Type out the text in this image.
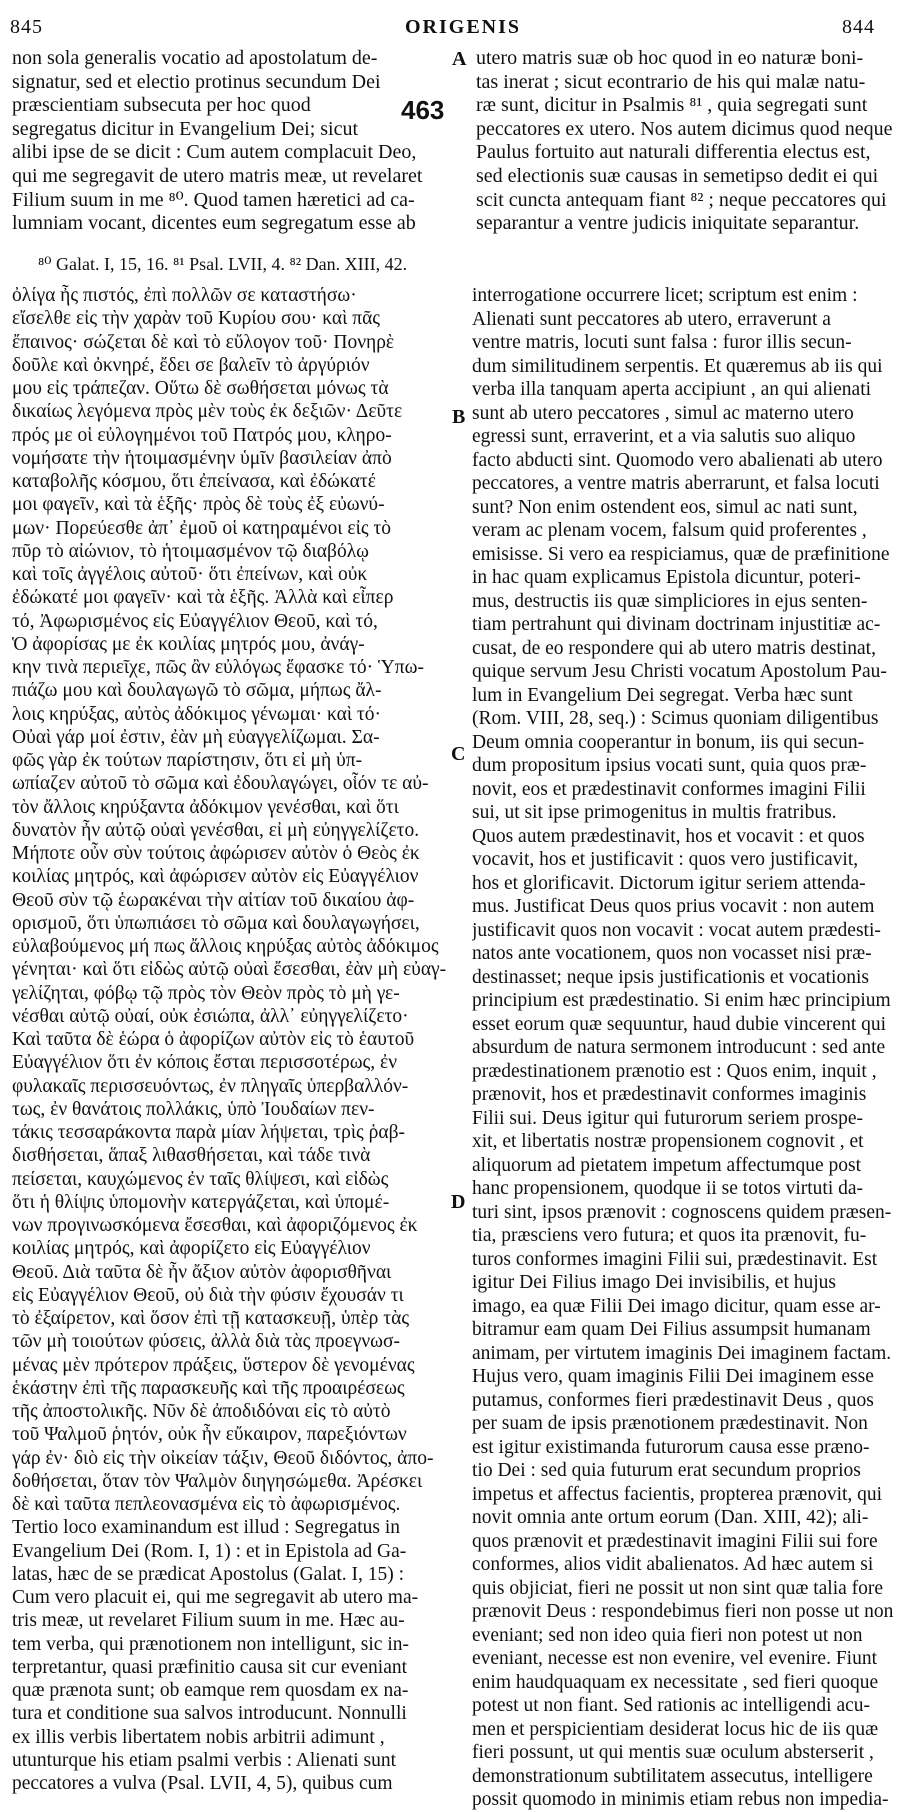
845	ORIGENIS	844
A
B
C
D
463
non sola generalis vocatio ad apostolatum de-
signatur, sed et electio protinus secundum Dei
præscientiam subsecuta per hoc quod
segregatus dicitur in Evangelium Dei; sicut
alibi ipse de se dicit : Cum autem complacuit Deo,
qui me segregavit de utero matris meæ, ut revelaret
Filium suum in me ⁸⁰. Quod tamen hæretici ad ca-
lumniam vocant, dicentes eum segregatum esse ab
utero matris suæ ob hoc quod in eo naturæ boni-
tas inerat ; sicut econtrario de his qui malæ natu-
ræ sunt, dicitur in Psalmis ⁸¹ , quia segregati sunt
peccatores ex utero. Nos autem dicimus quod neque
Paulus fortuito aut naturali differentia electus est,
sed electionis suæ causas in semetipso dedit ei qui
scit cuncta antequam fiant ⁸² ; neque peccatores qui
separantur a ventre judicis iniquitate separantur.
⁸⁰ Galat. I, 15, 16. ⁸¹ Psal. LVII, 4. ⁸² Dan. XIII, 42.
ὀλίγα ἦς πιστός, ἐπὶ πολλῶν σε καταστήσω·
εἴσελθε εἰς τὴν χαρὰν τοῦ Κυρίου σου· καὶ πᾶς
ἔπαινος· σώζεται δὲ καὶ τὸ εὔλογον τοῦ· Πονηρὲ
δοῦλε καὶ ὀκνηρέ, ἔδει σε βαλεῖν τὸ ἀργύριόν
μου εἰς τράπεζαν. Οὕτω δὲ σωθήσεται μόνως τὰ
δικαίως λεγόμενα πρὸς μὲν τοὺς ἐκ δεξιῶν· Δεῦτε
πρός με οἱ εὐλογημένοι τοῦ Πατρός μου, κληρο-
νομήσατε τὴν ἡτοιμασμένην ὑμῖν βασιλείαν ἀπὸ
καταβολῆς κόσμου, ὅτι ἐπείνασα, καὶ ἐδώκατέ
μοι φαγεῖν, καὶ τὰ ἑξῆς· πρὸς δὲ τοὺς ἐξ εὐωνύ-
μων· Πορεύεσθε ἀπ᾽ ἐμοῦ οἱ κατηραμένοι εἰς τὸ
πῦρ τὸ αἰώνιον, τὸ ἡτοιμασμένον τῷ διαβόλῳ
καὶ τοῖς ἀγγέλοις αὐτοῦ· ὅτι ἐπείνων, καὶ οὐκ
ἐδώκατέ μοι φαγεῖν· καὶ τὰ ἑξῆς. Ἀλλὰ καὶ εἶπερ
τό, Ἀφωρισμένος εἰς Εὐαγγέλιον Θεοῦ, καὶ τό,
Ὁ ἀφορίσας με ἐκ κοιλίας μητρός μου, ἀνάγ-
κην τινὰ περιεῖχε, πῶς ἂν εὐλόγως ἔφασκε τό· Ὑπω-
πιάζω μου καὶ δουλαγωγῶ τὸ σῶμα, μήπως ἄλ-
λοις κηρύξας, αὐτὸς ἀδόκιμος γένωμαι· καὶ τό·
Οὐαὶ γάρ μοί ἐστιν, ἐὰν μὴ εὐαγγελίζωμαι. Σα-
φῶς γὰρ ἐκ τούτων παρίστησιν, ὅτι εἰ μὴ ὑπ-
ωπίαζεν αὐτοῦ τὸ σῶμα καὶ ἐδουλαγώγει, οἷόν τε αὐ-
τὸν ἄλλοις κηρύξαντα ἀδόκιμον γενέσθαι, καὶ ὅτι
δυνατὸν ἦν αὐτῷ οὐαὶ γενέσθαι, εἰ μὴ εὐηγγελίζετο.
Μήποτε οὖν σὺν τούτοις ἀφώρισεν αὐτὸν ὁ Θεὸς ἐκ
κοιλίας μητρός, καὶ ἀφώρισεν αὐτὸν εἰς Εὐαγγέλιον
Θεοῦ σὺν τῷ ἑωρακέναι τὴν αἰτίαν τοῦ δικαίου ἀφ-
ορισμοῦ, ὅτι ὑπωπιάσει τὸ σῶμα καὶ δουλαγωγήσει,
εὐλαβούμενος μή πως ἄλλοις κηρύξας αὐτὸς ἀδόκιμος
γένηται· καὶ ὅτι εἰδὼς αὐτῷ οὐαὶ ἔσεσθαι, ἐὰν μὴ εὐαγ-
γελίζηται, φόβῳ τῷ πρὸς τὸν Θεὸν πρὸς τὸ μὴ γε-
νέσθαι αὐτῷ οὐαί, οὐκ ἐσιώπα, ἀλλ᾽ εὐηγγελίζετο·
Καὶ ταῦτα δὲ ἑώρα ὁ ἀφορίζων αὐτὸν εἰς τὸ ἑαυτοῦ
Εὐαγγέλιον ὅτι ἐν κόποις ἔσται περισσοτέρως, ἐν
φυλακαῖς περισσευόντως, ἐν πληγαῖς ὑπερβαλλόν-
τως, ἐν θανάτοις πολλάκις, ὑπὸ Ἰουδαίων πεν-
τάκις τεσσαράκοντα παρὰ μίαν λήψεται, τρὶς ῥαβ-
δισθήσεται, ἅπαξ λιθασθήσεται, καὶ τάδε τινὰ
πείσεται, καυχώμενος ἐν ταῖς θλίψεσι, καὶ εἰδὼς
ὅτι ἡ θλίψις ὑπομονὴν κατεργάζεται, καὶ ὑπομέ-
νων προγινωσκόμενα ἔσεσθαι, καὶ ἀφοριζόμενος ἐκ
κοιλίας μητρός, καὶ ἀφορίζετο εἰς Εὐαγγέλιον
Θεοῦ. Διὰ ταῦτα δὲ ἦν ἄξιον αὐτὸν ἀφορισθῆναι
εἰς Εὐαγγέλιον Θεοῦ, οὐ διὰ τὴν φύσιν ἔχουσάν τι
τὸ ἐξαίρετον, καὶ ὅσον ἐπὶ τῇ κατασκευῇ, ὑπὲρ τὰς
τῶν μὴ τοιούτων φύσεις, ἀλλὰ διὰ τὰς προεγνωσ-
μένας μὲν πρότερον πράξεις, ὕστερον δὲ γενομένας
ἑκάστην ἐπὶ τῆς παρασκευῆς καὶ τῆς προαιρέσεως
τῆς ἀποστολικῆς. Νῦν δὲ ἀποδιδόναι εἰς τὸ αὐτὸ
τοῦ Ψαλμοῦ ῥητόν, οὐκ ἦν εὔκαιρον, παρεξιόντων
γάρ ἐν· διὸ εἰς τὴν οἰκείαν τάξιν, Θεοῦ διδόντος, ἀπο-
δοθήσεται, ὅταν τὸν Ψαλμὸν διηγησώμεθα. Ἀρέσκει
δὲ καὶ ταῦτα πεπλεονασμένα εἰς τὸ ἀφωρισμένος.
Tertio loco examinandum est illud : Segregatus in
Evangelium Dei (Rom. I, 1) : et in Epistola ad Ga-
latas, hæc de se prædicat Apostolus (Galat. I, 15) :
Cum vero placuit ei, qui me segregavit ab utero ma-
tris meæ, ut revelaret Filium suum in me. Hæc au-
tem verba, qui prænotionem non intelligunt, sic in-
terpretantur, quasi præfinitio causa sit cur eveniant
quæ prænota sunt; ob eamque rem quosdam ex na-
tura et conditione sua salvos introducunt. Nonnulli
ex illis verbis libertatem nobis arbitrii adimunt ,
utunturque his etiam psalmi verbis : Alienati sunt
peccatores a vulva (Psal. LVII, 4, 5), quibus cum
interrogatione occurrere licet; scriptum est enim :
Alienati sunt peccatores ab utero, erraverunt a
ventre matris, locuti sunt falsa : furor illis secun-
dum similitudinem serpentis. Et quæremus ab iis qui
verba illa tanquam aperta accipiunt , an qui alienati
sunt ab utero peccatores , simul ac materno utero
egressi sunt, erraverint, et a via salutis suo aliquo
facto abducti sint. Quomodo vero abalienati ab utero
peccatores, a ventre matris aberrarunt, et falsa locuti
sunt? Non enim ostendent eos, simul ac nati sunt,
veram ac plenam vocem, falsum quid proferentes ,
emisisse. Si vero ea respiciamus, quæ de præfinitione
in hac quam explicamus Epistola dicuntur, poteri-
mus, destructis iis quæ simpliciores in ejus senten-
tiam pertrahunt qui divinam doctrinam injustitiæ ac-
cusat, de eo respondere qui ab utero matris destinat,
quique servum Jesu Christi vocatum Apostolum Pau-
lum in Evangelium Dei segregat. Verba hæc sunt
(Rom. VIII, 28, seq.) : Scimus quoniam diligentibus
Deum omnia cooperantur in bonum, iis qui secun-
dum propositum ipsius vocati sunt, quia quos præ-
novit, eos et prædestinavit conformes imagini Filii
sui, ut sit ipse primogenitus in multis fratribus.
Quos autem prædestinavit, hos et vocavit : et quos
vocavit, hos et justificavit : quos vero justificavit,
hos et glorificavit. Dictorum igitur seriem attenda-
mus. Justificat Deus quos prius vocavit : non autem
justificavit quos non vocavit : vocat autem prædesti-
natos ante vocationem, quos non vocasset nisi præ-
destinasset; neque ipsis justificationis et vocationis
principium est prædestinatio. Si enim hæc principium
esset eorum quæ sequuntur, haud dubie vincerent qui
absurdum de natura sermonem introducunt : sed ante
prædestinationem prænotio est : Quos enim, inquit ,
prænovit, hos et prædestinavit conformes imaginis
Filii sui. Deus igitur qui futurorum seriem prospe-
xit, et libertatis nostræ propensionem cognovit , et
aliquorum ad pietatem impetum affectumque post
hanc propensionem, quodque ii se totos virtuti da-
turi sint, ipsos prænovit : cognoscens quidem præsen-
tia, præsciens vero futura; et quos ita prænovit, fu-
turos conformes imagini Filii sui, prædestinavit. Est
igitur Dei Filius imago Dei invisibilis, et hujus
imago, ea quæ Filii Dei imago dicitur, quam esse ar-
bitramur eam quam Dei Filius assumpsit humanam
animam, per virtutem imaginis Dei imaginem factam.
Hujus vero, quam imaginis Filii Dei imaginem esse
putamus, conformes fieri prædestinavit Deus , quos
per suam de ipsis prænotionem prædestinavit. Non
est igitur existimanda futurorum causa esse præno-
tio Dei : sed quia futurum erat secundum proprios
impetus et affectus facientis, propterea prænovit, qui
novit omnia ante ortum eorum (Dan. XIII, 42); ali-
quos prænovit et prædestinavit imagini Filii sui fore
conformes, alios vidit abalienatos. Ad hæc autem si
quis objiciat, fieri ne possit ut non sint quæ talia fore
prænovit Deus : respondebimus fieri non posse ut non
eveniant; sed non ideo quia fieri non potest ut non
eveniant, necesse est non evenire, vel evenire. Fiunt
enim haudquaquam ex necessitate , sed fieri quoque
potest ut non fiant. Sed rationis ac intelligendi acu-
men et perspicientiam desiderat locus hic de iis quæ
fieri possunt, ut qui mentis suæ oculum absterserit ,
demonstrationum subtilitatem assecutus, intelligere
possit quomodo in minimis etiam rebus non impedia-
